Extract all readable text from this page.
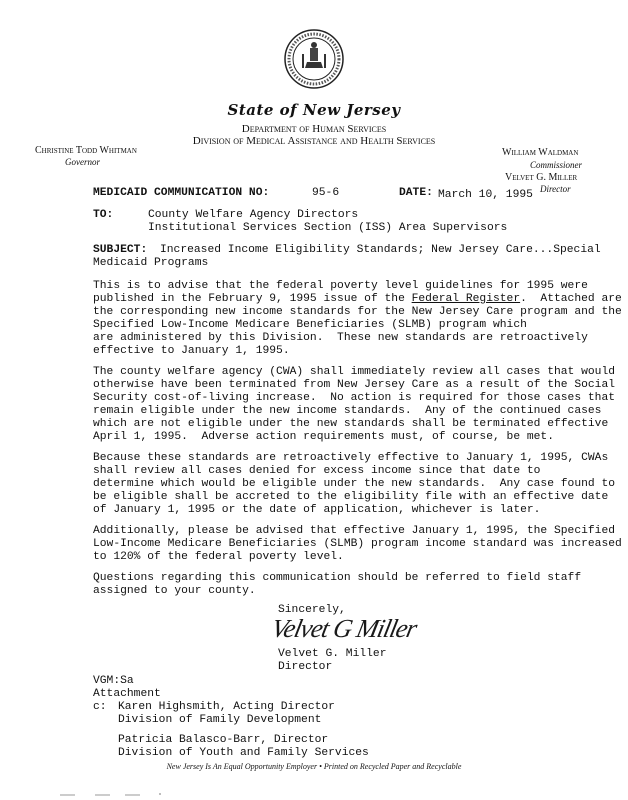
State of New Jersey
Department of Human Services
Division of Medical Assistance and Health Services
Christine Todd Whitman
Governor
William Waldman
Commissioner
Velvet G. Miller
Director
MEDICAID COMMUNICATION NO:	95-6	DATE: March 10, 1995
TO:	County Welfare Agency Directors
Institutional Services Section (ISS) Area Supervisors
SUBJECT: Increased Income Eligibility Standards; New Jersey Care...Special
Medicaid Programs
This is to advise that the federal poverty level guidelines for 1995 were
published in the February 9, 1995 issue of the Federal Register.  Attached are
the corresponding new income standards for the New Jersey Care program and the
Specified Low-Income Medicare Beneficiaries (SLMB) program which
are administered by this Division.  These new standards are retroactively
effective to January 1, 1995.
The county welfare agency (CWA) shall immediately review all cases that would
otherwise have been terminated from New Jersey Care as a result of the Social
Security cost-of-living increase.  No action is required for those cases that
remain eligible under the new income standards.  Any of the continued cases
which are not eligible under the new standards shall be terminated effective
April 1, 1995.  Adverse action requirements must, of course, be met.
Because these standards are retroactively effective to January 1, 1995, CWAs
shall review all cases denied for excess income since that date to
determine which would be eligible under the new standards.  Any case found to
be eligible shall be accreted to the eligibility file with an effective date
of January 1, 1995 or the date of application, whichever is later.
Additionally, please be advised that effective January 1, 1995, the Specified
Low-Income Medicare Beneficiaries (SLMB) program income standard was increased
to 120% of the federal poverty level.
Questions regarding this communication should be referred to field staff
assigned to your county.
Sincerely,
Velvet G Miller
Velvet G. Miller
Director
VGM:Sa
Attachment
c: Karen Highsmith, Acting Director
Division of Family Development
Patricia Balasco-Barr, Director
Division of Youth and Family Services
New Jersey Is An Equal Opportunity Employer • Printed on Recycled Paper and Recyclable
